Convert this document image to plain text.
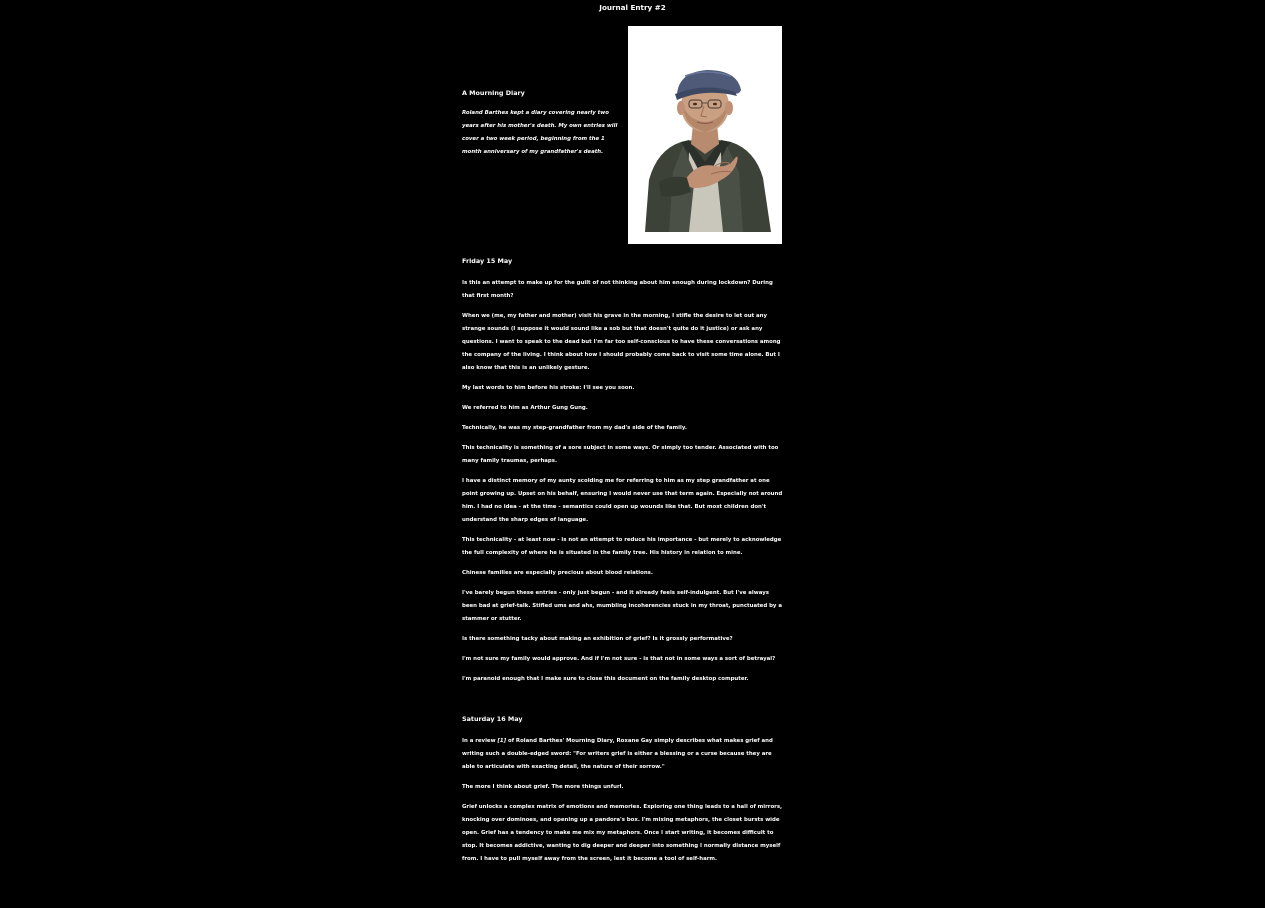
Journal Entry #2

A Mourning Diary

Roland Barthes kept a diary covering nearly two years after his mother's death. My own entries will cover a two week period, beginning from the 1 month anniversary of my grandfather's death.

Friday 15 May

Is this an attempt to make up for the guilt of not thinking about him enough during lockdown? During that first month?

When we (me, my father and mother) visit his grave in the morning, I stifle the desire to let out any strange sounds (I suppose it would sound like a sob but that doesn't quite do it justice) or ask any questions. I want to speak to the dead but I'm far too self-conscious to have these conversations among the company of the living. I think about how I should probably come back to visit some time alone. But I also know that this is an unlikely gesture.

My last words to him before his stroke: I'll see you soon.

We referred to him as Arthur Gung Gung.

Technically, he was my step-grandfather from my dad's side of the family.

This technicality is something of a sore subject in some ways. Or simply too tender. Associated with too many family traumas, perhaps.

I have a distinct memory of my aunty scolding me for referring to him as my step grandfather at one point growing up. Upset on his behalf, ensuring I would never use that term again. Especially not around him. I had no idea - at the time - semantics could open up wounds like that. But most children don't understand the sharp edges of language.

This technicality - at least now - is not an attempt to reduce his importance - but merely to acknowledge the full complexity of where he is situated in the family tree. His history in relation to mine.

Chinese families are especially precious about blood relations.

I've barely begun these entries - only just begun - and it already feels self-indulgent. But I've always been bad at grief-talk. Stifled ums and ahs, mumbling incoherencies stuck in my throat, punctuated by a stammer or stutter.

Is there something tacky about making an exhibition of grief? Is it grossly performative?

I'm not sure my family would approve. And if I'm not sure - is that not in some ways a sort of betrayal?

I'm paranoid enough that I make sure to close this document on the family desktop computer.

Saturday 16 May

In a review [1] of Roland Barthes' Mourning Diary, Roxane Gay simply describes what makes grief and writing such a double-edged sword: "For writers grief is either a blessing or a curse because they are able to articulate with exacting detail, the nature of their sorrow."

The more I think about grief. The more things unfurl.

Grief unlocks a complex matrix of emotions and memories. Exploring one thing leads to a hall of mirrors, knocking over dominoes, and opening up a pandora's box. I'm mixing metaphors, the closet bursts wide open. Grief has a tendency to make me mix my metaphors. Once I start writing, it becomes difficult to stop. It becomes addictive, wanting to dig deeper and deeper into something I normally distance myself from. I have to pull myself away from the screen, lest it become a tool of self-harm.
